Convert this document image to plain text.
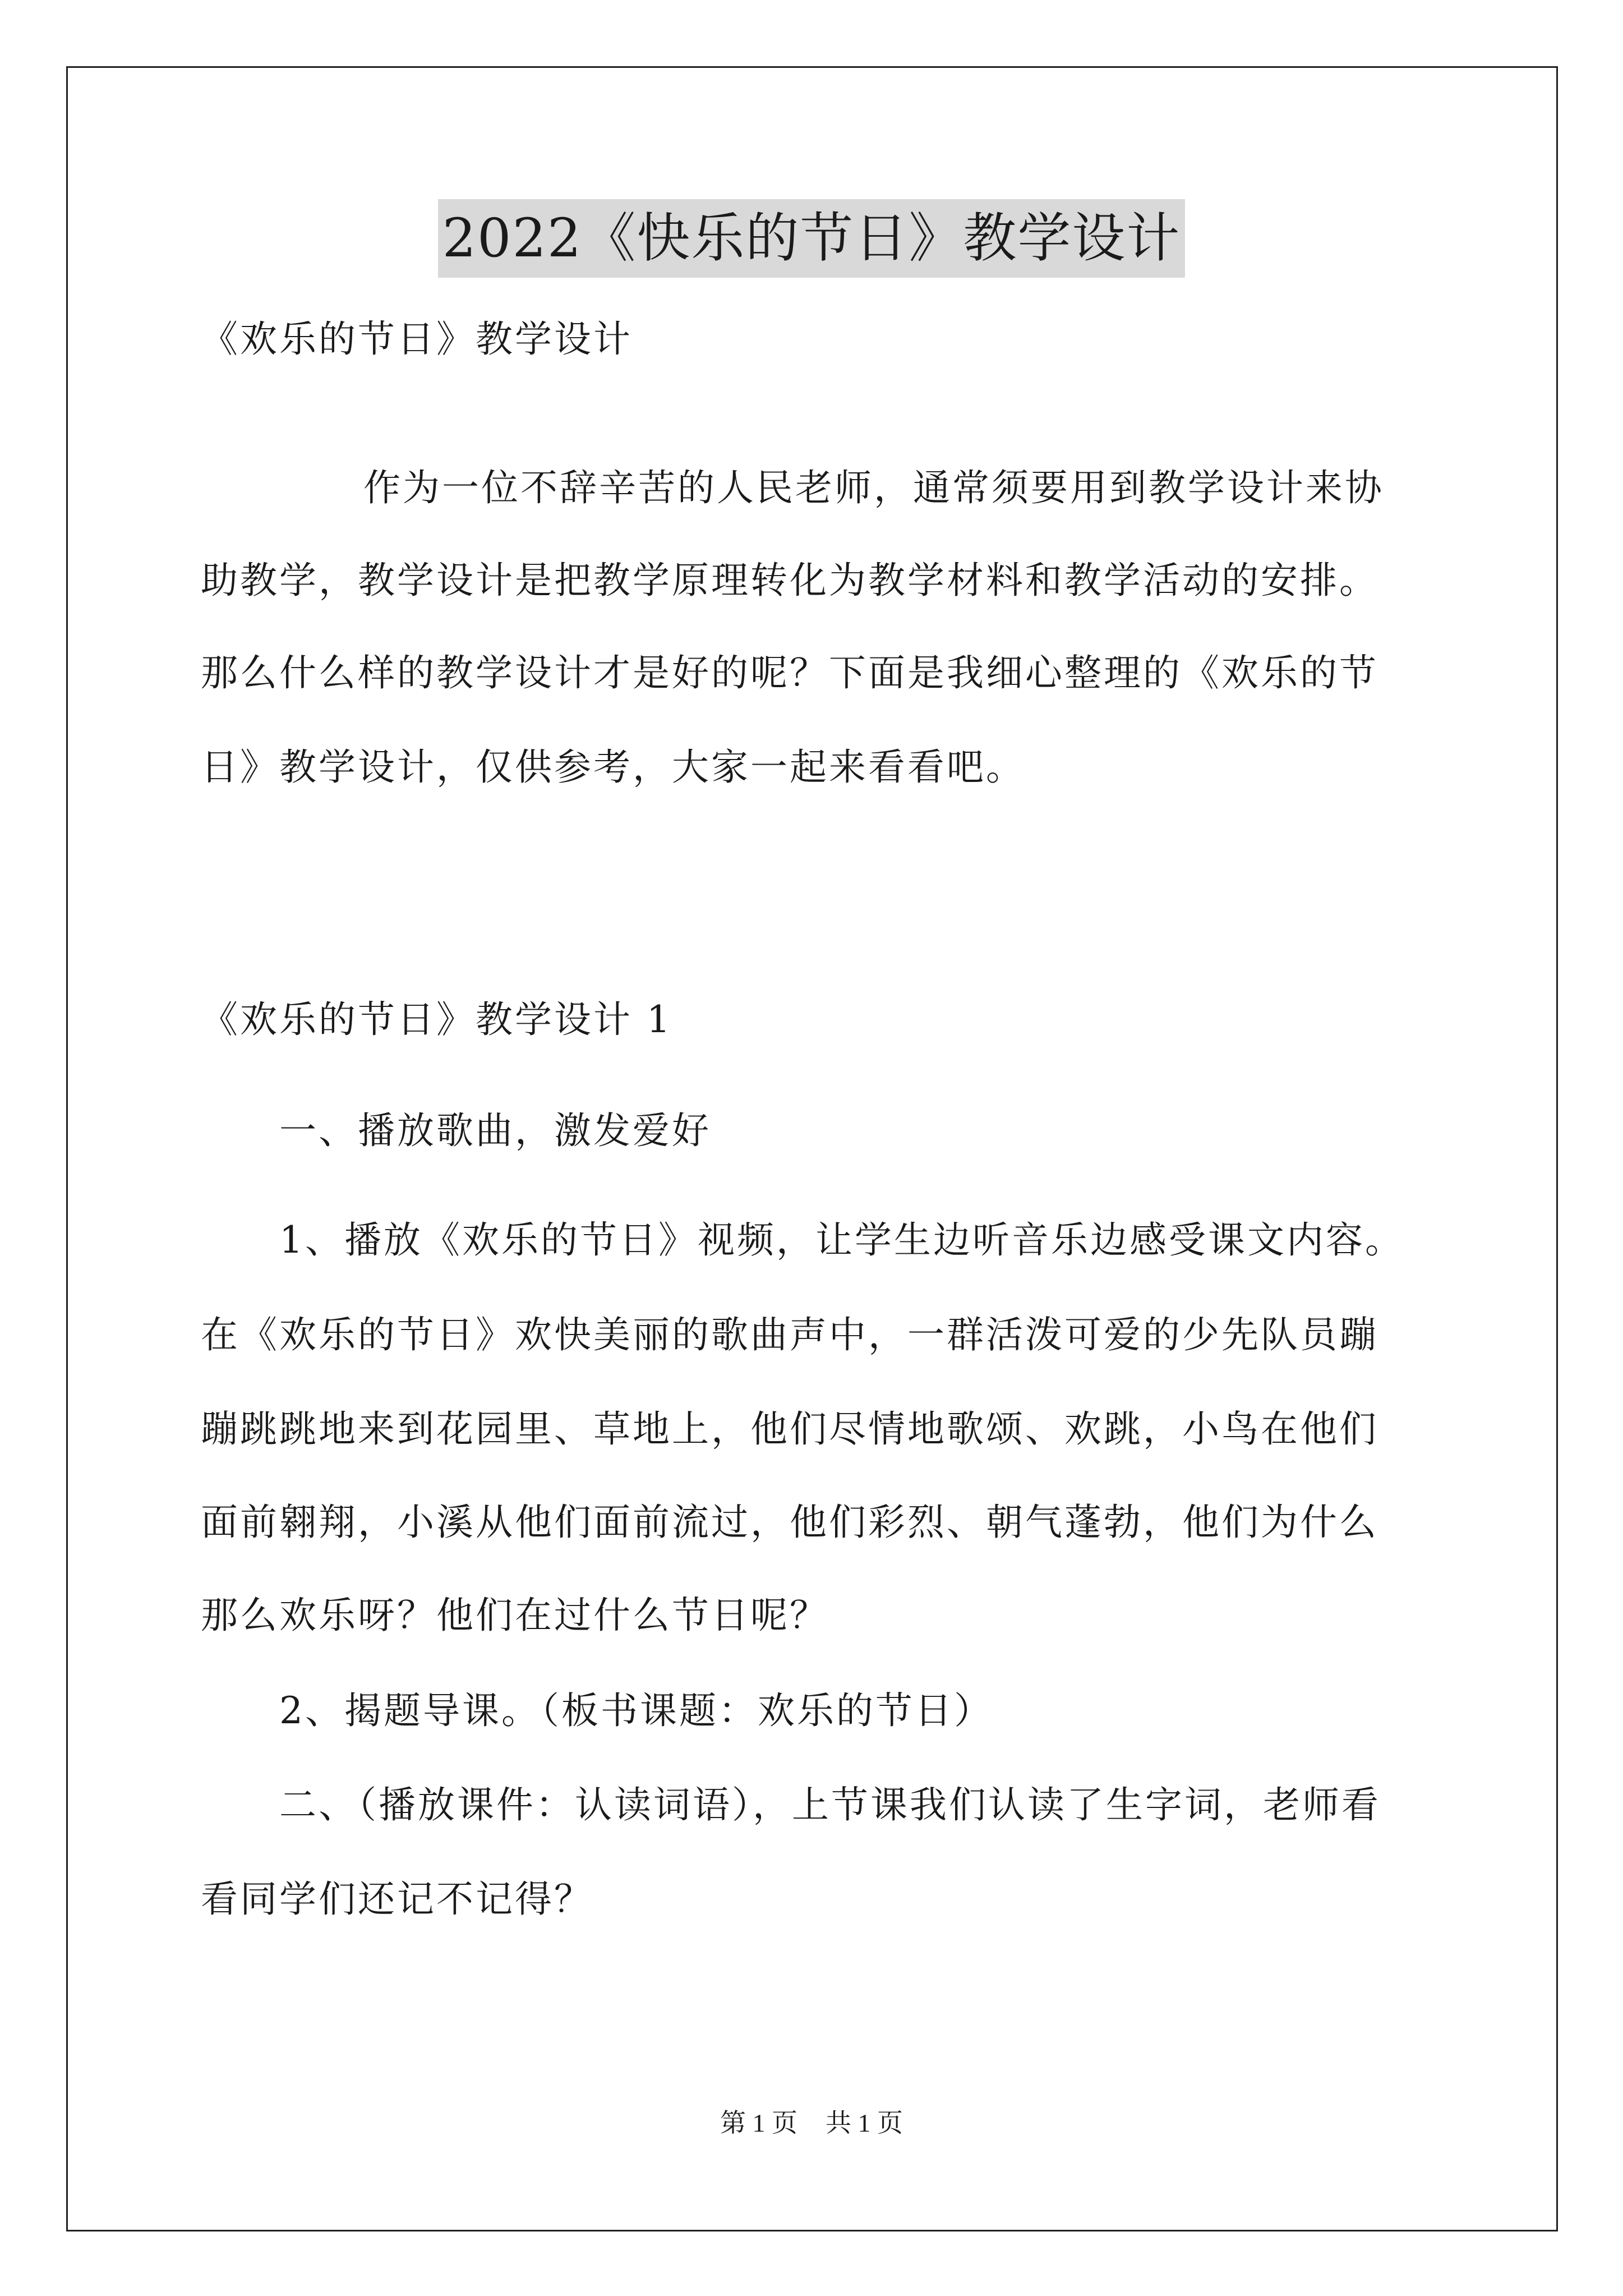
2022《快乐的节日》教学设计
《欢乐的节日》教学设计
作为一位不辞辛苦的人民老师，通常须要用到教学设计来协
助教学，教学设计是把教学原理转化为教学材料和教学活动的安排。
那么什么样的教学设计才是好的呢？下面是我细心整理的《欢乐的节
日》教学设计，仅供参考，大家一起来看看吧。
《欢乐的节日》教学设计 1
一、播放歌曲，激发爱好
1、播放《欢乐的节日》视频，让学生边听音乐边感受课文内容。
在《欢乐的节日》欢快美丽的歌曲声中，一群活泼可爱的少先队员蹦
蹦跳跳地来到花园里、草地上，他们尽情地歌颂、欢跳，小鸟在他们
面前翱翔，小溪从他们面前流过，他们彩烈、朝气蓬勃，他们为什么
那么欢乐呀？他们在过什么节日呢？
2、揭题导课。（板书课题：欢乐的节日）
二、（播放课件：认读词语），上节课我们认读了生字词，老师看
看同学们还记不记得？
第 1 页 共 1 页
